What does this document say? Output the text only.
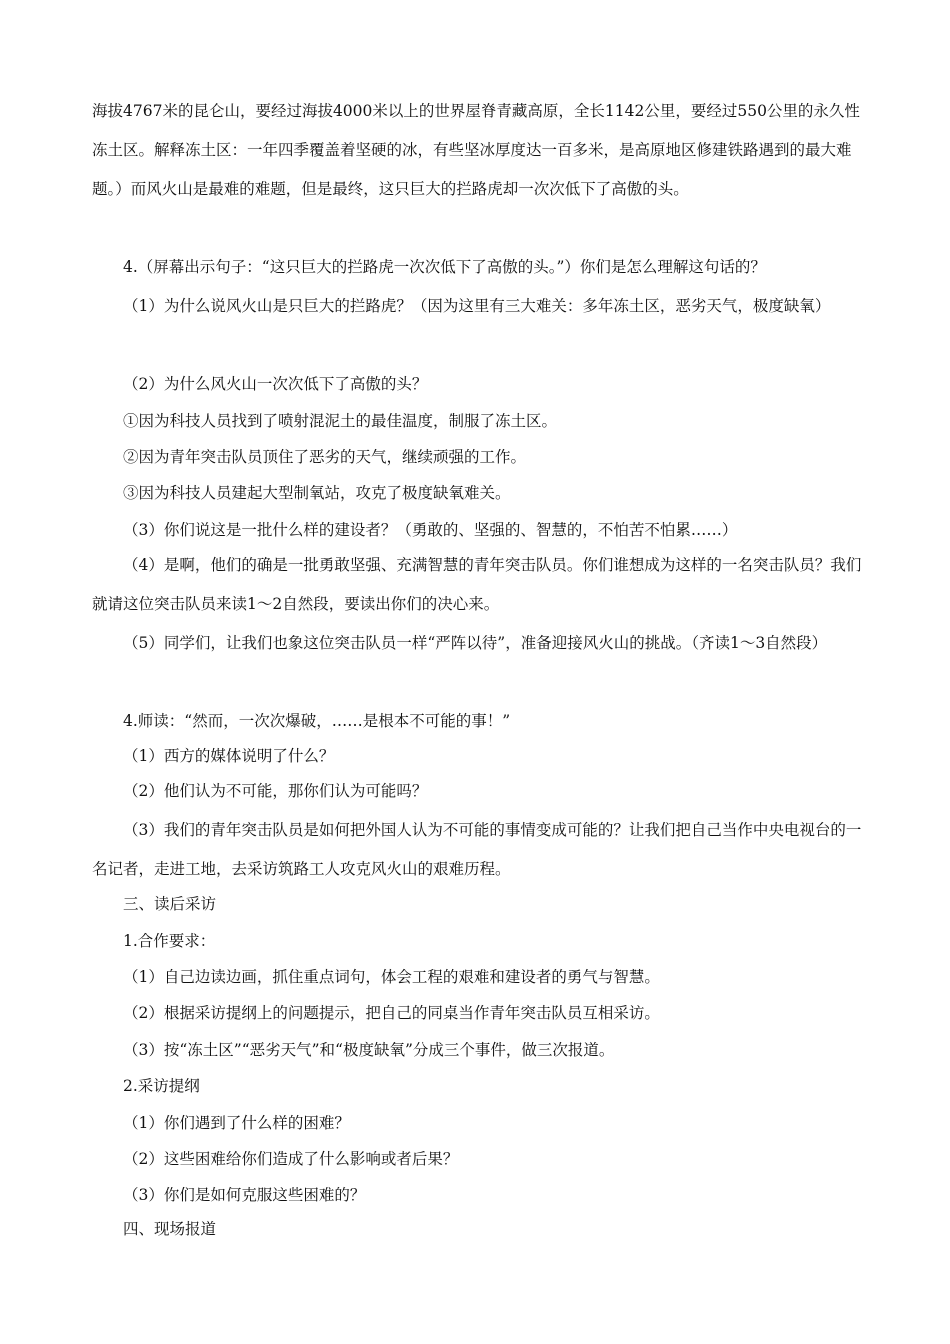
海拔4767米的昆仑山，要经过海拔4000米以上的世界屋脊青藏高原，全长1142公里，要经过550公里的永久性冻土区。解释冻土区：一年四季覆盖着坚硬的冰，有些坚冰厚度达一百多米，是高原地区修建铁路遇到的最大难题。）而风火山是最难的难题，但是最终，这只巨大的拦路虎却一次次低下了高傲的头。
4.（屏幕出示句子：“这只巨大的拦路虎一次次低下了高傲的头。”）你们是怎么理解这句话的？
（1）为什么说风火山是只巨大的拦路虎？（因为这里有三大难关：多年冻土区，恶劣天气，极度缺氧）
（2）为什么风火山一次次低下了高傲的头？
①因为科技人员找到了喷射混泥土的最佳温度，制服了冻土区。
②因为青年突击队员顶住了恶劣的天气，继续顽强的工作。
③因为科技人员建起大型制氧站，攻克了极度缺氧难关。
（3）你们说这是一批什么样的建设者？（勇敢的、坚强的、智慧的，不怕苦不怕累……）
（4）是啊，他们的确是一批勇敢坚强、充满智慧的青年突击队员。你们谁想成为这样的一名突击队员？我们就请这位突击队员来读1～2自然段，要读出你们的决心来。
（5）同学们，让我们也象这位突击队员一样“严阵以待”，准备迎接风火山的挑战。（齐读1～3自然段）
4.师读：“然而，一次次爆破，……是根本不可能的事！”
（1）西方的媒体说明了什么？
（2）他们认为不可能，那你们认为可能吗？
（3）我们的青年突击队员是如何把外国人认为不可能的事情变成可能的？让我们把自己当作中央电视台的一名记者，走进工地，去采访筑路工人攻克风火山的艰难历程。
三、读后采访
1.合作要求：
（1）自己边读边画，抓住重点词句，体会工程的艰难和建设者的勇气与智慧。
（2）根据采访提纲上的问题提示，把自己的同桌当作青年突击队员互相采访。
（3）按“冻土区”“恶劣天气”和“极度缺氧”分成三个事件，做三次报道。
2.采访提纲
（1）你们遇到了什么样的困难？
（2）这些困难给你们造成了什么影响或者后果？
（3）你们是如何克服这些困难的？
四、现场报道
